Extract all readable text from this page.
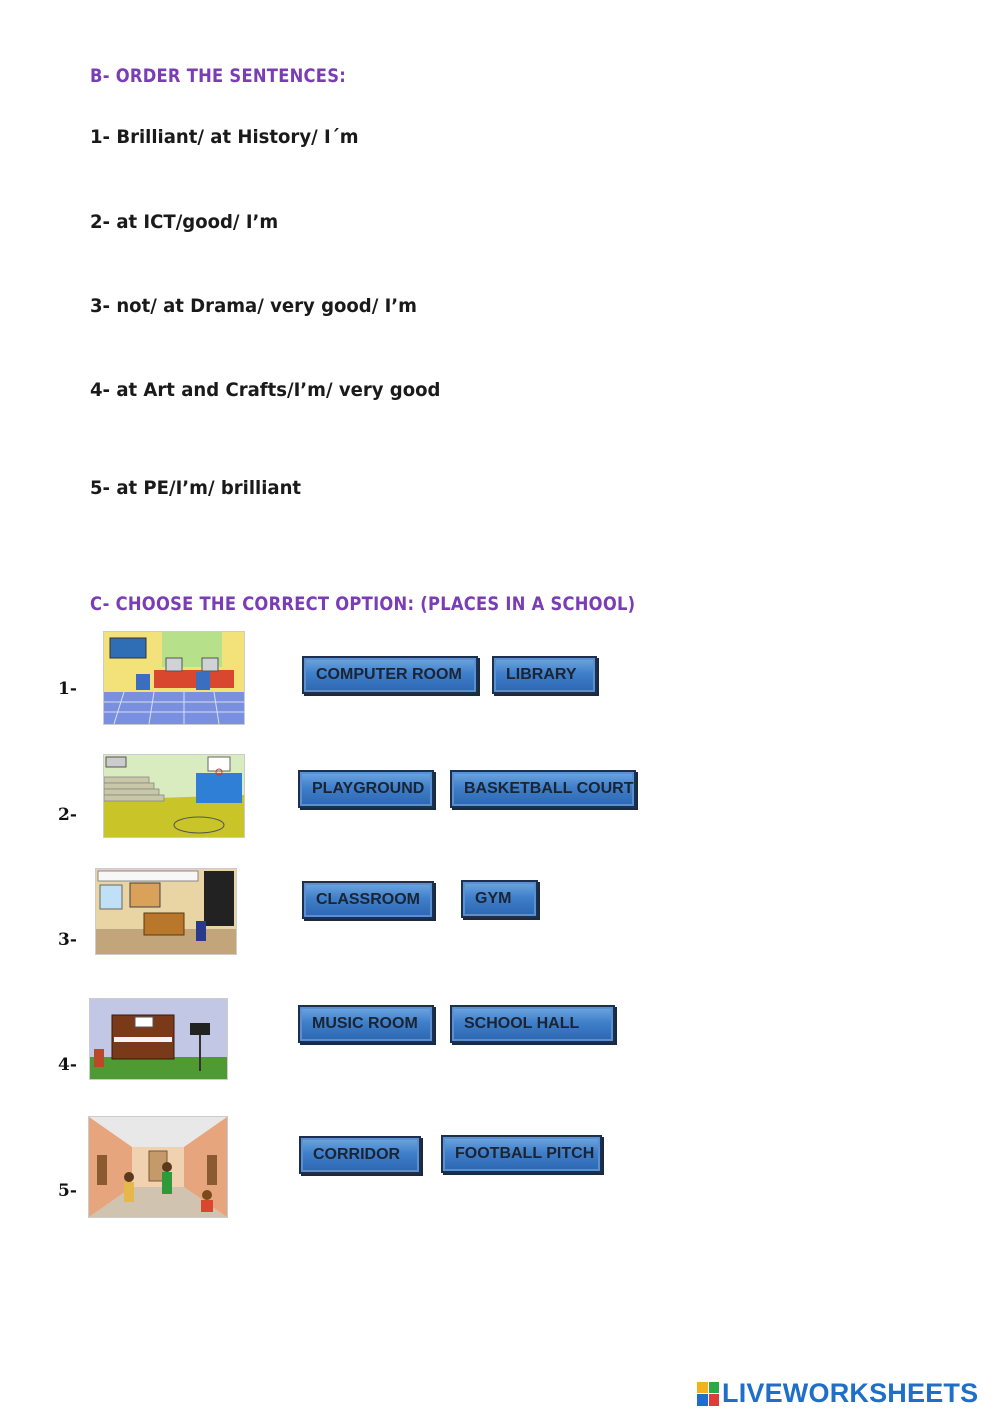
B- ORDER THE SENTENCES:
1- Brilliant/ at History/ I´m
2- at ICT/good/ I’m
3- not/ at Drama/ very good/ I’m
4- at Art and Crafts/I’m/ very good
5- at PE/I’m/ brilliant
C- CHOOSE THE CORRECT OPTION: (PLACES IN A SCHOOL)
1-
COMPUTER ROOM	LIBRARY
2-
PLAYGROUND	BASKETBALL COURT
3-
CLASSROOM	GYM
4-
MUSIC ROOM	SCHOOL HALL
5-
CORRIDOR	FOOTBALL PITCH
LIVEWORKSHEETS
